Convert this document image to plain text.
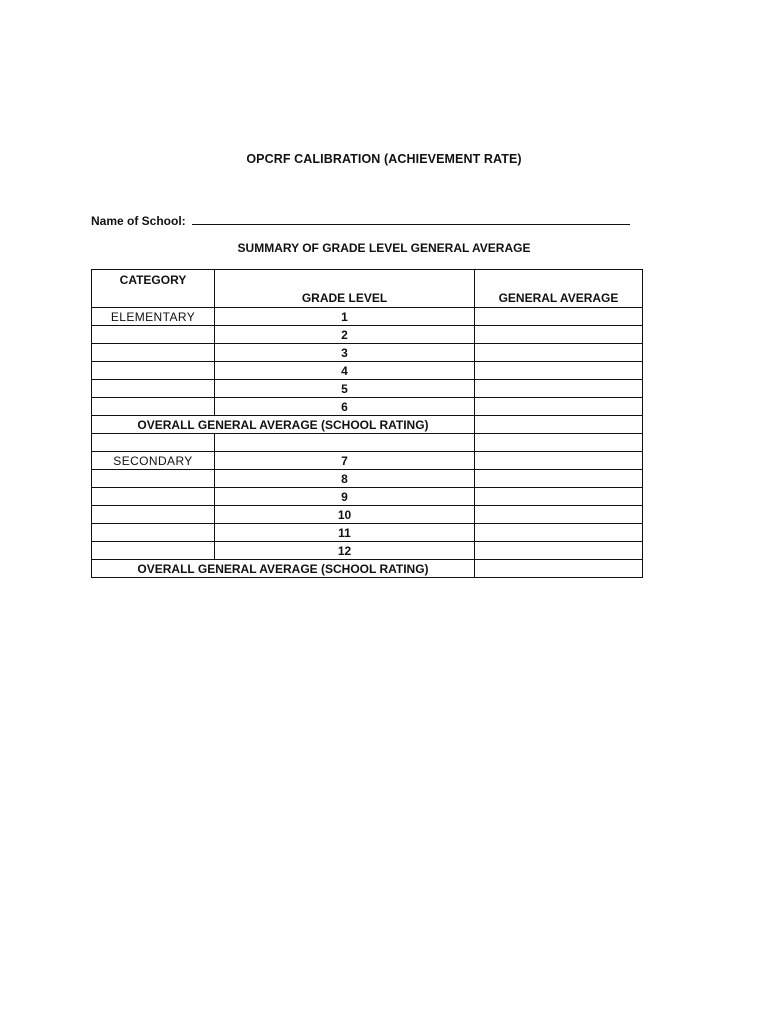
OPCRF CALIBRATION (ACHIEVEMENT RATE)
Name of School:
SUMMARY OF GRADE LEVEL GENERAL AVERAGE
CATEGORY	GRADE LEVEL	GENERAL AVERAGE
ELEMENTARY	1	
	2	
	3	
	4	
	5	
	6	
OVERALL GENERAL AVERAGE (SCHOOL RATING)		

SECONDARY	7	
	8	
	9	
	10	
	11	
	12	
OVERALL GENERAL AVERAGE (SCHOOL RATING)		
